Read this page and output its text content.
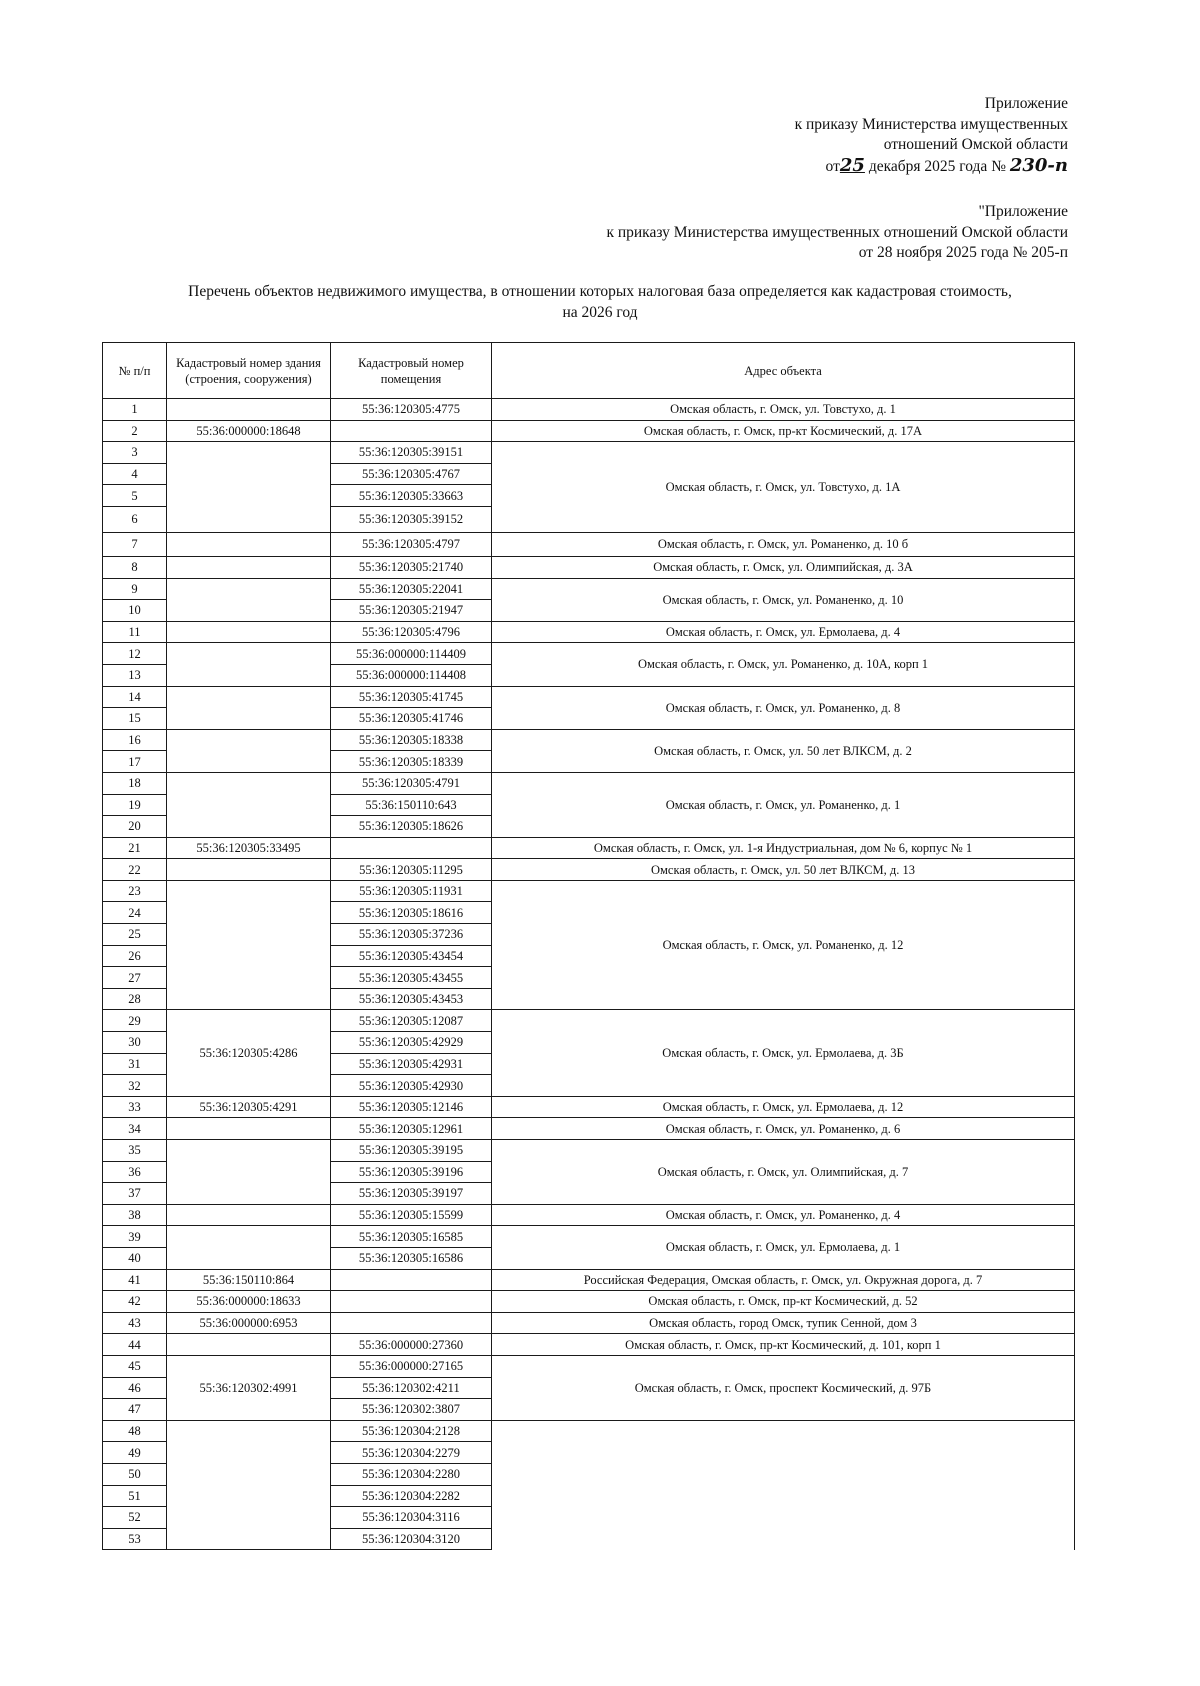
Приложение
к приказу Министерства имущественных
отношений Омской области
от25 декабря 2025 года № 230-п
"Приложение
к приказу Министерства имущественных отношений Омской области
от 28 ноября 2025 года № 205-п
Перечень объектов недвижимого имущества, в отношении которых налоговая база определяется как кадастровая стоимость,
на 2026 год
№ п/п	Кадастровый номер здания (строения, сооружения)	Кадастровый номер помещения	Адрес объекта
1		55:36:120305:4775	Омская область, г. Омск, ул. Товстухо, д. 1
2	55:36:000000:18648		Омская область, г. Омск, пр-кт Космический, д. 17А
3		55:36:120305:39151	Омская область, г. Омск, ул. Товстухо, д. 1А
4		55:36:120305:4767	
5		55:36:120305:33663	
6		55:36:120305:39152	
7		55:36:120305:4797	Омская область, г. Омск, ул. Романенко, д. 10 б
8		55:36:120305:21740	Омская область, г. Омск, ул. Олимпийская, д. 3А
9		55:36:120305:22041	Омская область, г. Омск, ул. Романенко, д. 10
10		55:36:120305:21947	
11		55:36:120305:4796	Омская область, г. Омск, ул. Ермолаева, д. 4
12		55:36:000000:114409	Омская область, г. Омск, ул. Романенко, д. 10А, корп 1
13		55:36:000000:114408	
14		55:36:120305:41745	Омская область, г. Омск, ул. Романенко, д. 8
15		55:36:120305:41746	
16		55:36:120305:18338	Омская область, г. Омск, ул. 50 лет ВЛКСМ, д. 2
17		55:36:120305:18339	
18		55:36:120305:4791	Омская область, г. Омск, ул. Романенко, д. 1
19		55:36:150110:643	
20		55:36:120305:18626	
21	55:36:120305:33495		Омская область, г. Омск, ул. 1-я Индустриальная, дом № 6, корпус № 1
22		55:36:120305:11295	Омская область, г. Омск, ул. 50 лет ВЛКСМ, д. 13
23		55:36:120305:11931	Омская область, г. Омск, ул. Романенко, д. 12
24		55:36:120305:18616	
25		55:36:120305:37236	
26		55:36:120305:43454	
27		55:36:120305:43455	
28		55:36:120305:43453	
29	55:36:120305:4286	55:36:120305:12087	Омская область, г. Омск, ул. Ермолаева, д. 3Б
30		55:36:120305:42929	
31		55:36:120305:42931	
32		55:36:120305:42930	
33	55:36:120305:4291	55:36:120305:12146	Омская область, г. Омск, ул. Ермолаева, д. 12
34		55:36:120305:12961	Омская область, г. Омск, ул. Романенко, д. 6
35		55:36:120305:39195	Омская область, г. Омск, ул. Олимпийская, д. 7
36		55:36:120305:39196	
37		55:36:120305:39197	
38		55:36:120305:15599	Омская область, г. Омск, ул. Романенко, д. 4
39		55:36:120305:16585	Омская область, г. Омск, ул. Ермолаева, д. 1
40		55:36:120305:16586	
41	55:36:150110:864		Российская Федерация, Омская область, г. Омск, ул. Окружная дорога, д. 7
42	55:36:000000:18633		Омская область, г. Омск, пр-кт Космический, д. 52
43	55:36:000000:6953		Омская область, город Омск, тупик Сенной, дом 3
44		55:36:000000:27360	Омская область, г. Омск, пр-кт Космический, д. 101, корп 1
45	55:36:120302:4991	55:36:000000:27165	Омская область, г. Омск, проспект Космический, д. 97Б
46		55:36:120302:4211	
47		55:36:120302:3807	
48		55:36:120304:2128	
49		55:36:120304:2279	
50		55:36:120304:2280	
51		55:36:120304:2282	
52		55:36:120304:3116	
53		55:36:120304:3120	
